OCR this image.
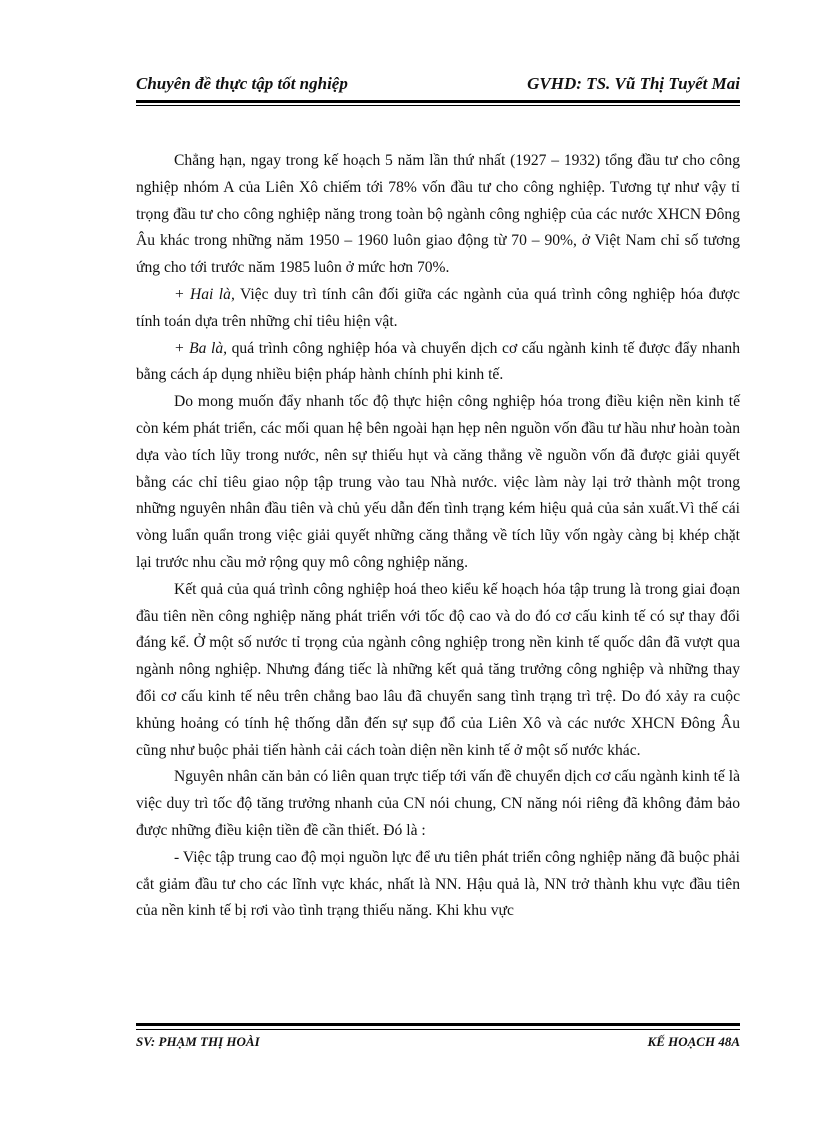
Chuyên đề thực tập tốt nghiệp	GVHD: TS. Vũ Thị Tuyết Mai

Chẳng hạn, ngay trong kế hoạch 5 năm lần thứ nhất (1927 – 1932) tổng đầu tư cho công nghiệp nhóm A của Liên Xô chiếm tới 78% vốn đầu tư cho công nghiệp. Tương tự như vậy tỉ trọng đầu tư cho công nghiệp năng trong toàn bộ ngành công nghiệp của các nước XHCN Đông Âu khác trong những năm 1950 – 1960 luôn giao động từ 70 – 90%, ở Việt Nam chỉ số tương ứng cho tới trước năm 1985 luôn ở mức hơn 70%.

+ Hai là, Việc duy trì tính cân đối giữa các ngành của quá trình công nghiệp hóa được tính toán dựa trên những chỉ tiêu hiện vật.

+ Ba là, quá trình công nghiệp hóa và chuyển dịch cơ cấu ngành kinh tế được đẩy nhanh bằng cách áp dụng nhiều biện pháp hành chính phi kinh tế.

Do mong muốn đẩy nhanh tốc độ thực hiện công nghiệp hóa trong điều kiện nền kinh tế còn kém phát triển, các mối quan hệ bên ngoài hạn hẹp nên nguồn vốn đầu tư hầu như hoàn toàn dựa vào tích lũy trong nước, nên sự thiếu hụt và căng thẳng về nguồn vốn đã được giải quyết bằng các chỉ tiêu giao nộp tập trung vào tau Nhà nước. việc làm này lại trở thành một trong những nguyên nhân đầu tiên và chủ yếu dẫn đến tình trạng kém hiệu quả của sản xuất.Vì thế cái vòng luẩn quẩn trong việc giải quyết những căng thẳng về tích lũy vốn ngày càng bị khép chặt lại trước nhu cầu mở rộng quy mô công nghiệp năng.

Kết quả của quá trình công nghiệp hoá theo kiểu kế hoạch hóa tập trung là trong giai đoạn đầu tiên nền công nghiệp năng phát triển với tốc độ cao và do đó cơ cấu kinh tế có sự thay đổi đáng kể. Ở một số nước tỉ trọng của ngành công nghiệp trong nền kinh tế quốc dân đã vượt qua ngành nông nghiệp. Nhưng đáng tiếc là những kết quả tăng trưởng công nghiệp và những thay đổi cơ cấu kinh tế nêu trên chẳng bao lâu đã chuyển sang tình trạng trì trệ. Do đó xảy ra cuộc khủng hoảng có tính hệ thống dẫn đến sự sụp đổ của Liên Xô và các nước XHCN Đông Âu cũng như buộc phải tiến hành cải cách toàn diện nền kinh tế ở một số nước khác.

Nguyên nhân căn bản có liên quan trực tiếp tới vấn đề chuyển dịch cơ cấu ngành kinh tế là việc duy trì tốc độ tăng trưởng nhanh của CN nói chung, CN năng nói riêng đã không đảm bảo được những điều kiện tiền đề cần thiết. Đó là :

- Việc tập trung cao độ mọi nguồn lực để ưu tiên phát triển công nghiệp năng đã buộc phải cắt giảm đầu tư cho các lĩnh vực khác, nhất là NN. Hậu quả là, NN trở thành khu vực đầu tiên của nền kinh tế bị rơi vào tình trạng thiếu năng. Khi khu vực

SV: PHẠM THỊ HOÀI	KẾ HOẠCH 48A
